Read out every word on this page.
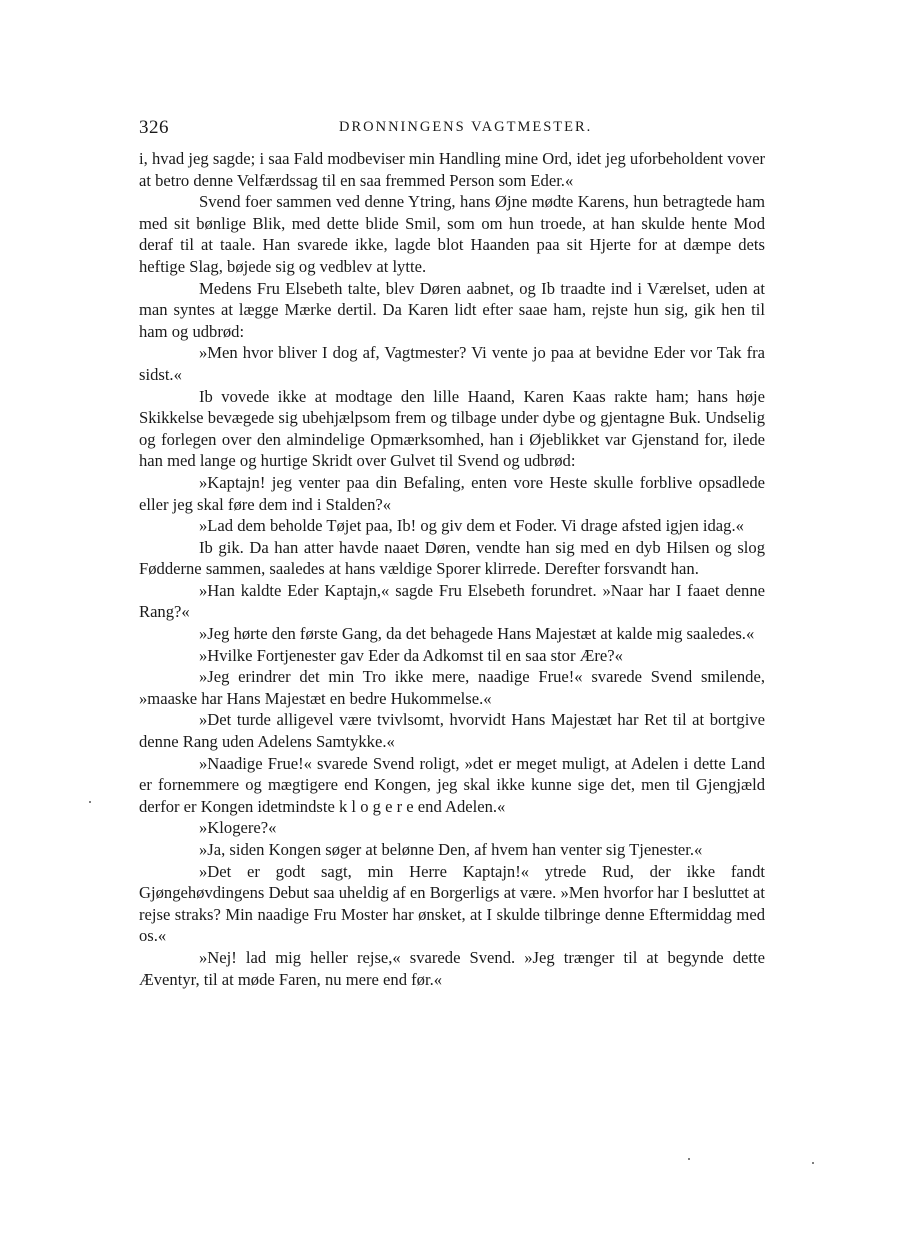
326	DRONNINGENS VAGTMESTER.

i, hvad jeg sagde; i saa Fald modbeviser min Handling mine Ord, idet jeg uforbeholdent vover at betro denne Velfærdssag til en saa fremmed Person som Eder.«

Svend foer sammen ved denne Ytring, hans Øjne mødte Karens, hun betragtede ham med sit bønlige Blik, med dette blide Smil, som om hun troede, at han skulde hente Mod deraf til at taale. Han svarede ikke, lagde blot Haanden paa sit Hjerte for at dæmpe dets heftige Slag, bøjede sig og vedblev at lytte.

Medens Fru Elsebeth talte, blev Døren aabnet, og Ib traadte ind i Værelset, uden at man syntes at lægge Mærke dertil. Da Karen lidt efter saae ham, rejste hun sig, gik hen til ham og udbrød:

»Men hvor bliver I dog af, Vagtmester? Vi vente jo paa at bevidne Eder vor Tak fra sidst.«

Ib vovede ikke at modtage den lille Haand, Karen Kaas rakte ham; hans høje Skikkelse bevægede sig ubehjælpsom frem og tilbage under dybe og gjentagne Buk. Undselig og forlegen over den almindelige Opmærksomhed, han i Øjeblikket var Gjenstand for, ilede han med lange og hurtige Skridt over Gulvet til Svend og udbrød:

»Kaptajn! jeg venter paa din Befaling, enten vore Heste skulle forblive opsadlede eller jeg skal føre dem ind i Stalden?«

»Lad dem beholde Tøjet paa, Ib! og giv dem et Foder. Vi drage afsted igjen idag.«

Ib gik. Da han atter havde naaet Døren, vendte han sig med en dyb Hilsen og slog Fødderne sammen, saaledes at hans vældige Sporer klirrede. Derefter forsvandt han.

»Han kaldte Eder Kaptajn,« sagde Fru Elsebeth forundret. »Naar har I faaet denne Rang?«

»Jeg hørte den første Gang, da det behagede Hans Majestæt at kalde mig saaledes.«

»Hvilke Fortjenester gav Eder da Adkomst til en saa stor Ære?«

»Jeg erindrer det min Tro ikke mere, naadige Frue!« svarede Svend smilende, »maaske har Hans Majestæt en bedre Hukommelse.«

»Det turde alligevel være tvivlsomt, hvorvidt Hans Majestæt har Ret til at bortgive denne Rang uden Adelens Samtykke.«

»Naadige Frue!« svarede Svend roligt, »det er meget muligt, at Adelen i dette Land er fornemmere og mægtigere end Kongen, jeg skal ikke kunne sige det, men til Gjengjæld derfor er Kongen idetmindste k l o g e r e end Adelen.«

»Klogere?«

»Ja, siden Kongen søger at belønne Den, af hvem han venter sig Tjenester.«

»Det er godt sagt, min Herre Kaptajn!« ytrede Rud, der ikke fandt Gjøngehøvdingens Debut saa uheldig af en Borgerligs at være. »Men hvorfor har I besluttet at rejse straks? Min naadige Fru Moster har ønsket, at I skulde tilbringe denne Eftermiddag med os.«

»Nej! lad mig heller rejse,« svarede Svend. »Jeg trænger til at begynde dette Æventyr, til at møde Faren, nu mere end før.«
